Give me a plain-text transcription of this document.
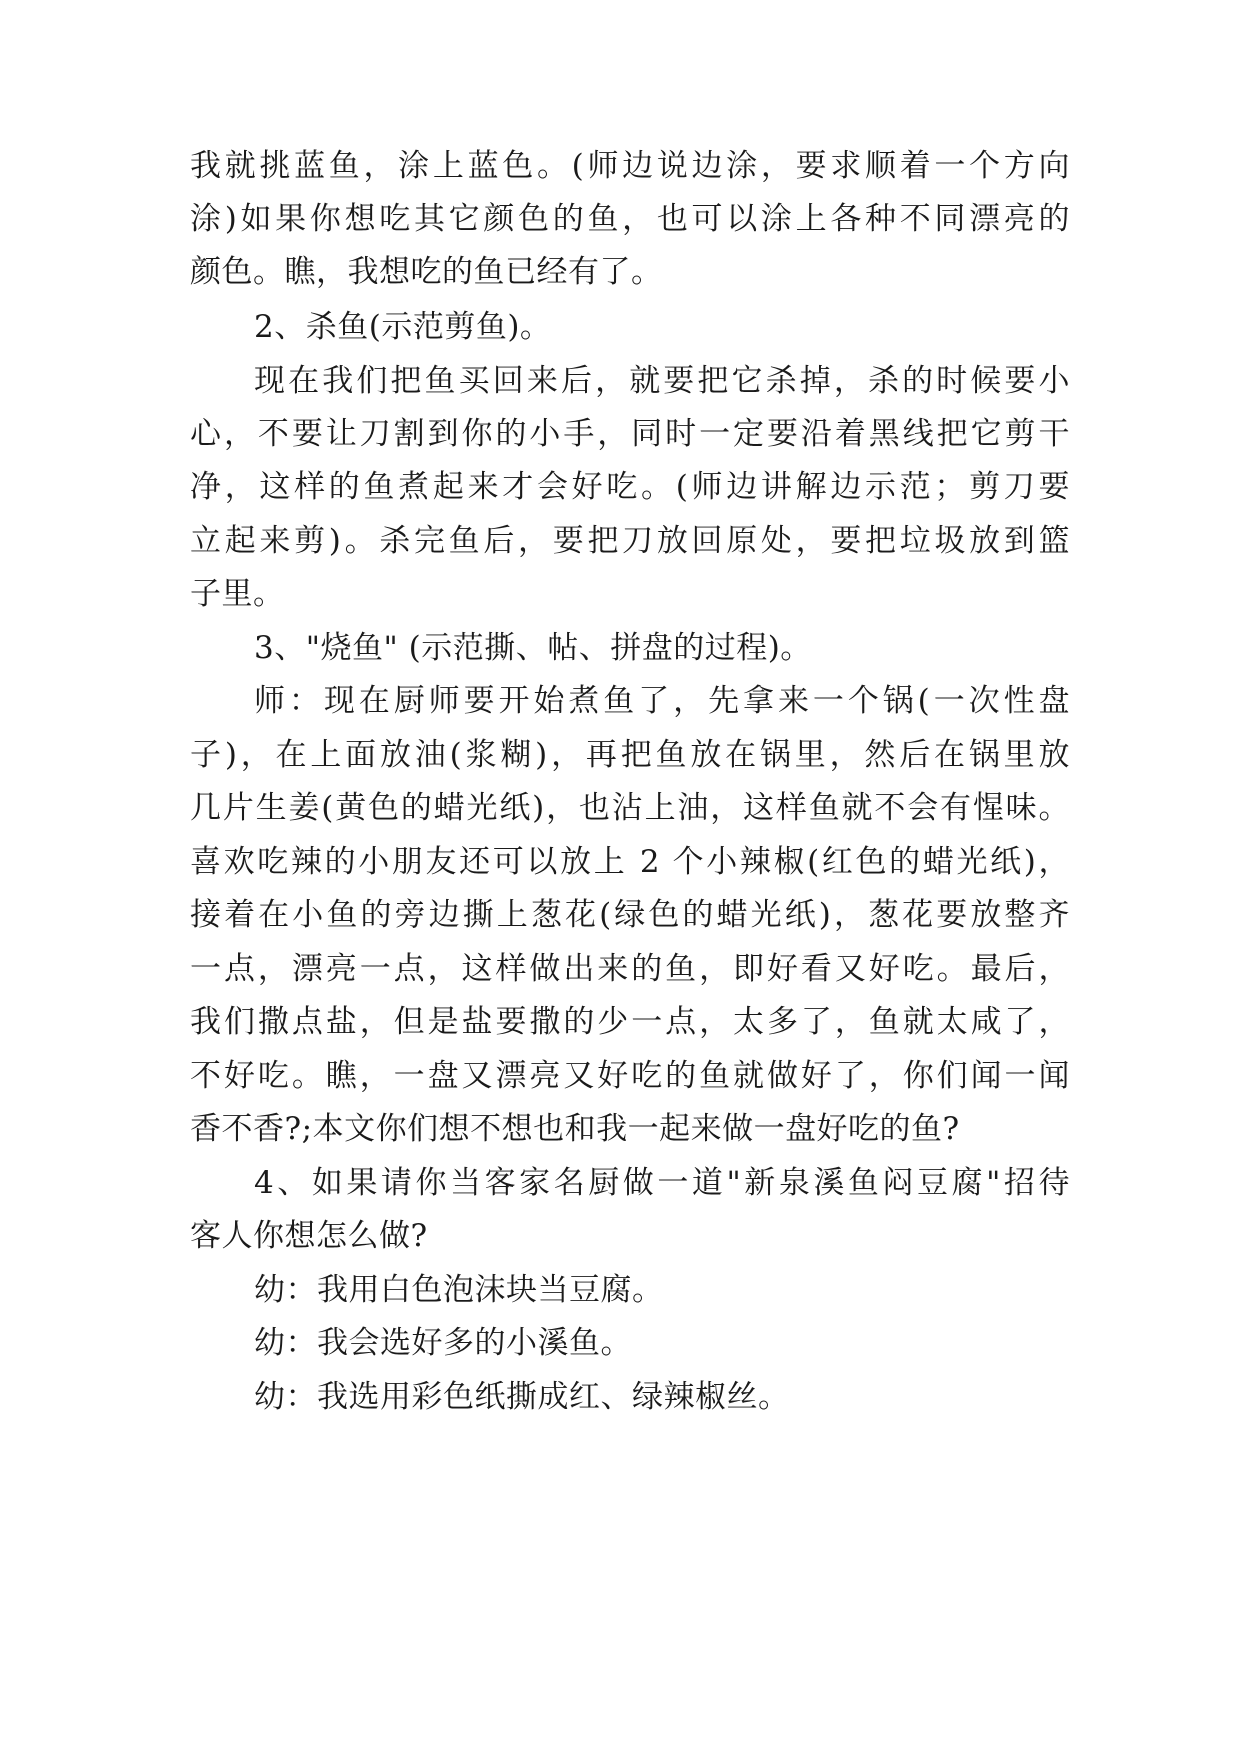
我就挑蓝鱼，涂上蓝色。(师边说边涂，要求顺着一个方向
涂)如果你想吃其它颜色的鱼，也可以涂上各种不同漂亮的
颜色。瞧，我想吃的鱼已经有了。
2、杀鱼(示范剪鱼)。
现在我们把鱼买回来后，就要把它杀掉，杀的时候要小
心，不要让刀割到你的小手，同时一定要沿着黑线把它剪干
净，这样的鱼煮起来才会好吃。(师边讲解边示范；剪刀要
立起来剪)。杀完鱼后，要把刀放回原处，要把垃圾放到篮
子里。
3、"烧鱼" (示范撕、帖、拼盘的过程)。
师：现在厨师要开始煮鱼了，先拿来一个锅(一次性盘
子)，在上面放油(浆糊)，再把鱼放在锅里，然后在锅里放
几片生姜(黄色的蜡光纸)，也沾上油，这样鱼就不会有惺味。
喜欢吃辣的小朋友还可以放上 2 个小辣椒(红色的蜡光纸)，
接着在小鱼的旁边撕上葱花(绿色的蜡光纸)，葱花要放整齐
一点，漂亮一点，这样做出来的鱼，即好看又好吃。最后，
我们撒点盐，但是盐要撒的少一点，太多了，鱼就太咸了，
不好吃。瞧，一盘又漂亮又好吃的鱼就做好了，你们闻一闻
香不香?;本文你们想不想也和我一起来做一盘好吃的鱼?
4、如果请你当客家名厨做一道"新泉溪鱼闷豆腐"招待
客人你想怎么做?
幼：我用白色泡沫块当豆腐。
幼：我会选好多的小溪鱼。
幼：我选用彩色纸撕成红、绿辣椒丝。
